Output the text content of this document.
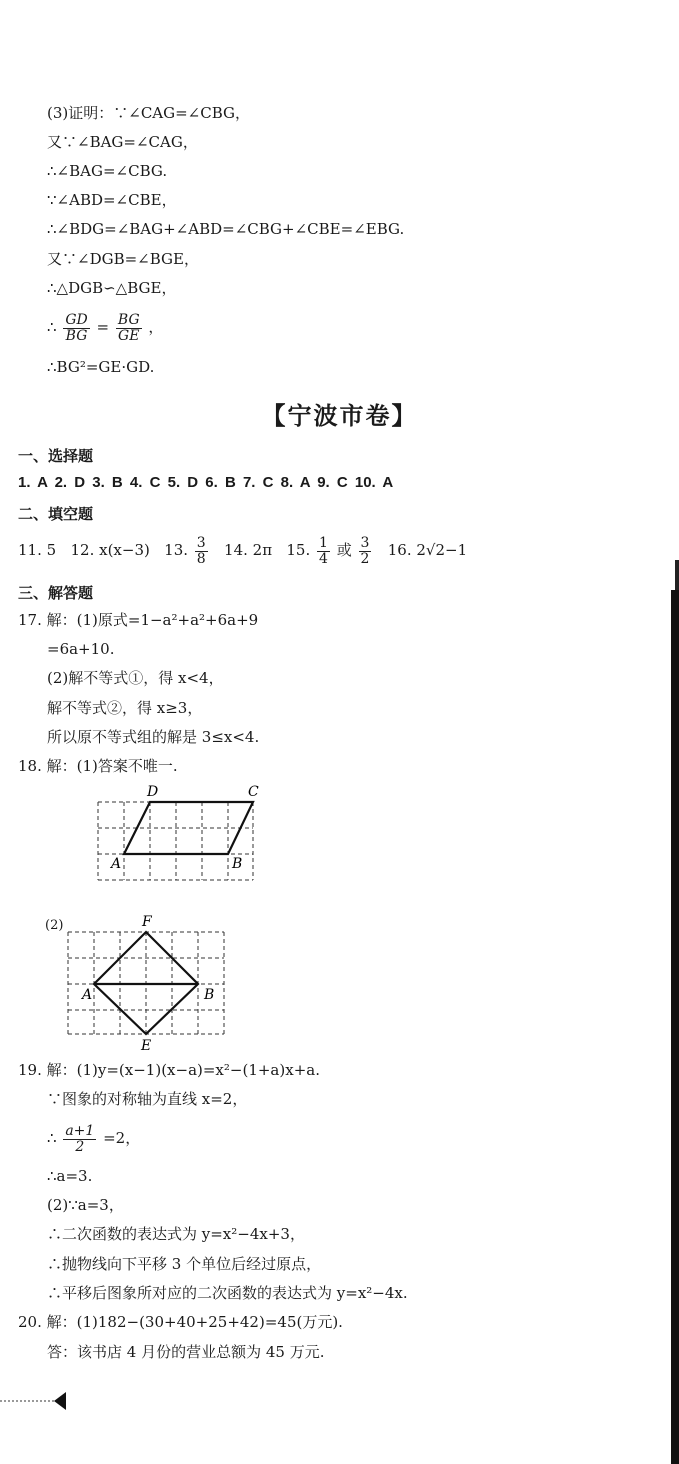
(3)证明：∵∠CAG=∠CBG，
又∵∠BAG=∠CAG，
∴∠BAG=∠CBG.
∵∠ABD=∠CBE，
∴∠BDG=∠BAG+∠ABD=∠CBG+∠CBE=∠EBG.
又∵∠DGB=∠BGE，
∴△DGB∽△BGE，
∴ $\frac{GD}{BG} = \frac{BG}{GE}$ ，
∴BG²=GE·GD.
【宁波市卷】
一、选择题
1. A 2. D 3. B 4. C 5. D 6. B 7. C 8. A 9. C 10. A
二、填空题
11. 5 12. x(x−3) 13. $\frac{3}{8} 14$. 2π 15. $\frac{1}{4}$ 或 $\frac{3}{2} 16$. 2√2−1
三、解答题
17. 解：(1)原式=1−a²+a²+6a+9
=6a+10.
(2)解不等式①，得 x<4，
解不等式②，得 x≥3，
所以原不等式组的解是 3≤x<4.
18. 解：(1)答案不唯一.
D	C
A	B
(2)	F
A	B
E
19. 解：(1)y=(x−1)(x−a)=x²−(1+a)x+a.
∵图象的对称轴为直线 x=2，
∴ $\frac{a+1}{2} =2$，
∴a=3.
(2)∵a=3，
∴二次函数的表达式为 y=x²−4x+3，
∴抛物线向下平移 3 个单位后经过原点，
∴平移后图象所对应的二次函数的表达式为 y=x²−4x.
20. 解：(1)182−(30+40+25+42)=45(万元).
答：该书店 4 月份的营业总额为 45 万元.
